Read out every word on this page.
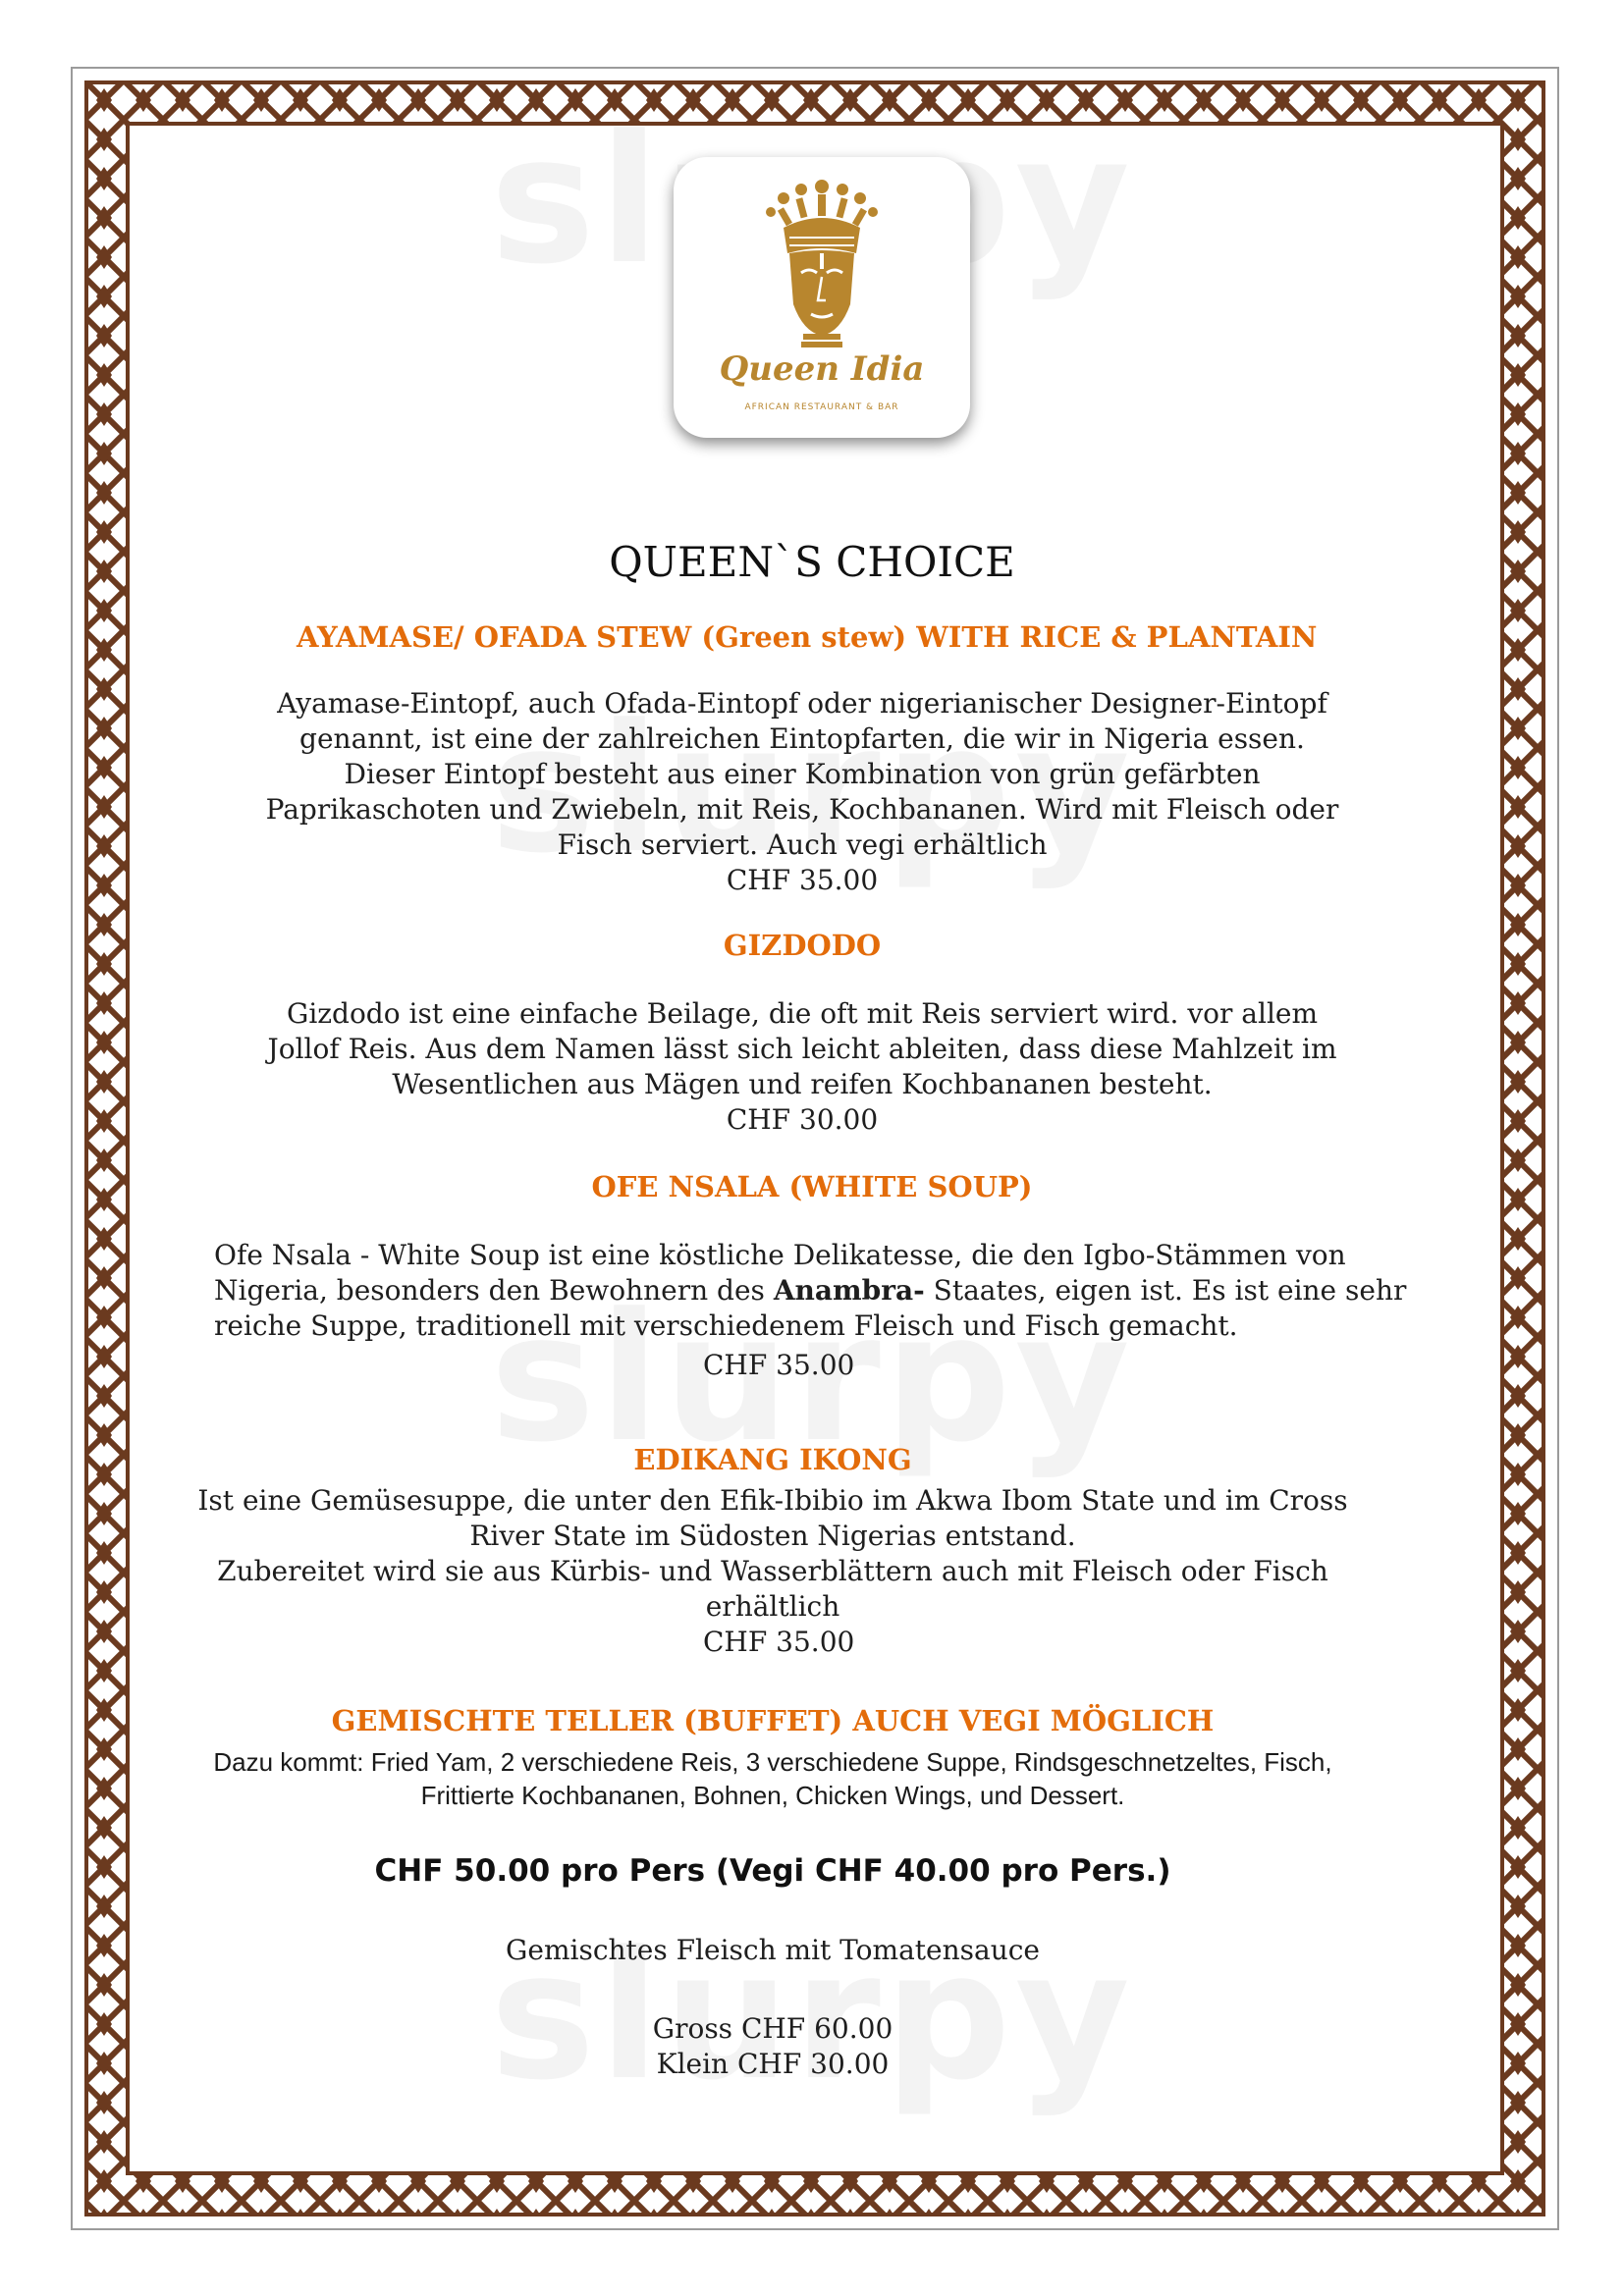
Queen Idia
AFRICAN RESTAURANT & BAR
QUEEN`S CHOICE
AYAMASE/ OFADA STEW (Green stew) WITH RICE & PLANTAIN
Ayamase-Eintopf, auch Ofada-Eintopf oder nigerianischer Designer-Eintopf
genannt, ist eine der zahlreichen Eintopfarten, die wir in Nigeria essen.
Dieser Eintopf besteht aus einer Kombination von grün gefärbten
Paprikaschoten und Zwiebeln, mit Reis, Kochbananen. Wird mit Fleisch oder
Fisch serviert. Auch vegi erhältlich
CHF 35.00
GIZDODO
Gizdodo ist eine einfache Beilage, die oft mit Reis serviert wird. vor allem
Jollof Reis. Aus dem Namen lässt sich leicht ableiten, dass diese Mahlzeit im
Wesentlichen aus Mägen und reifen Kochbananen besteht.
CHF 30.00
OFE NSALA (WHITE SOUP)
Ofe Nsala - White Soup ist eine köstliche Delikatesse, die den Igbo-Stämmen von
Nigeria, besonders den Bewohnern des Anambra- Staates, eigen ist. Es ist eine sehr
reiche Suppe, traditionell mit verschiedenem Fleisch und Fisch gemacht.
CHF 35.00
EDIKANG IKONG
Ist eine Gemüsesuppe, die unter den Efik-Ibibio im Akwa Ibom State und im Cross
River State im Südosten Nigerias entstand.
Zubereitet wird sie aus Kürbis- und Wasserblättern auch mit Fleisch oder Fisch
erhältlich
CHF 35.00
GEMISCHTE TELLER (BUFFET) AUCH VEGI MÖGLICH
Dazu kommt: Fried Yam, 2 verschiedene Reis, 3 verschiedene Suppe, Rindsgeschnetzeltes, Fisch,
Frittierte Kochbananen, Bohnen, Chicken Wings, und Dessert.
CHF 50.00 pro Pers (Vegi CHF 40.00 pro Pers.)
Gemischtes Fleisch mit Tomatensauce
Gross CHF 60.00
Klein CHF 30.00
